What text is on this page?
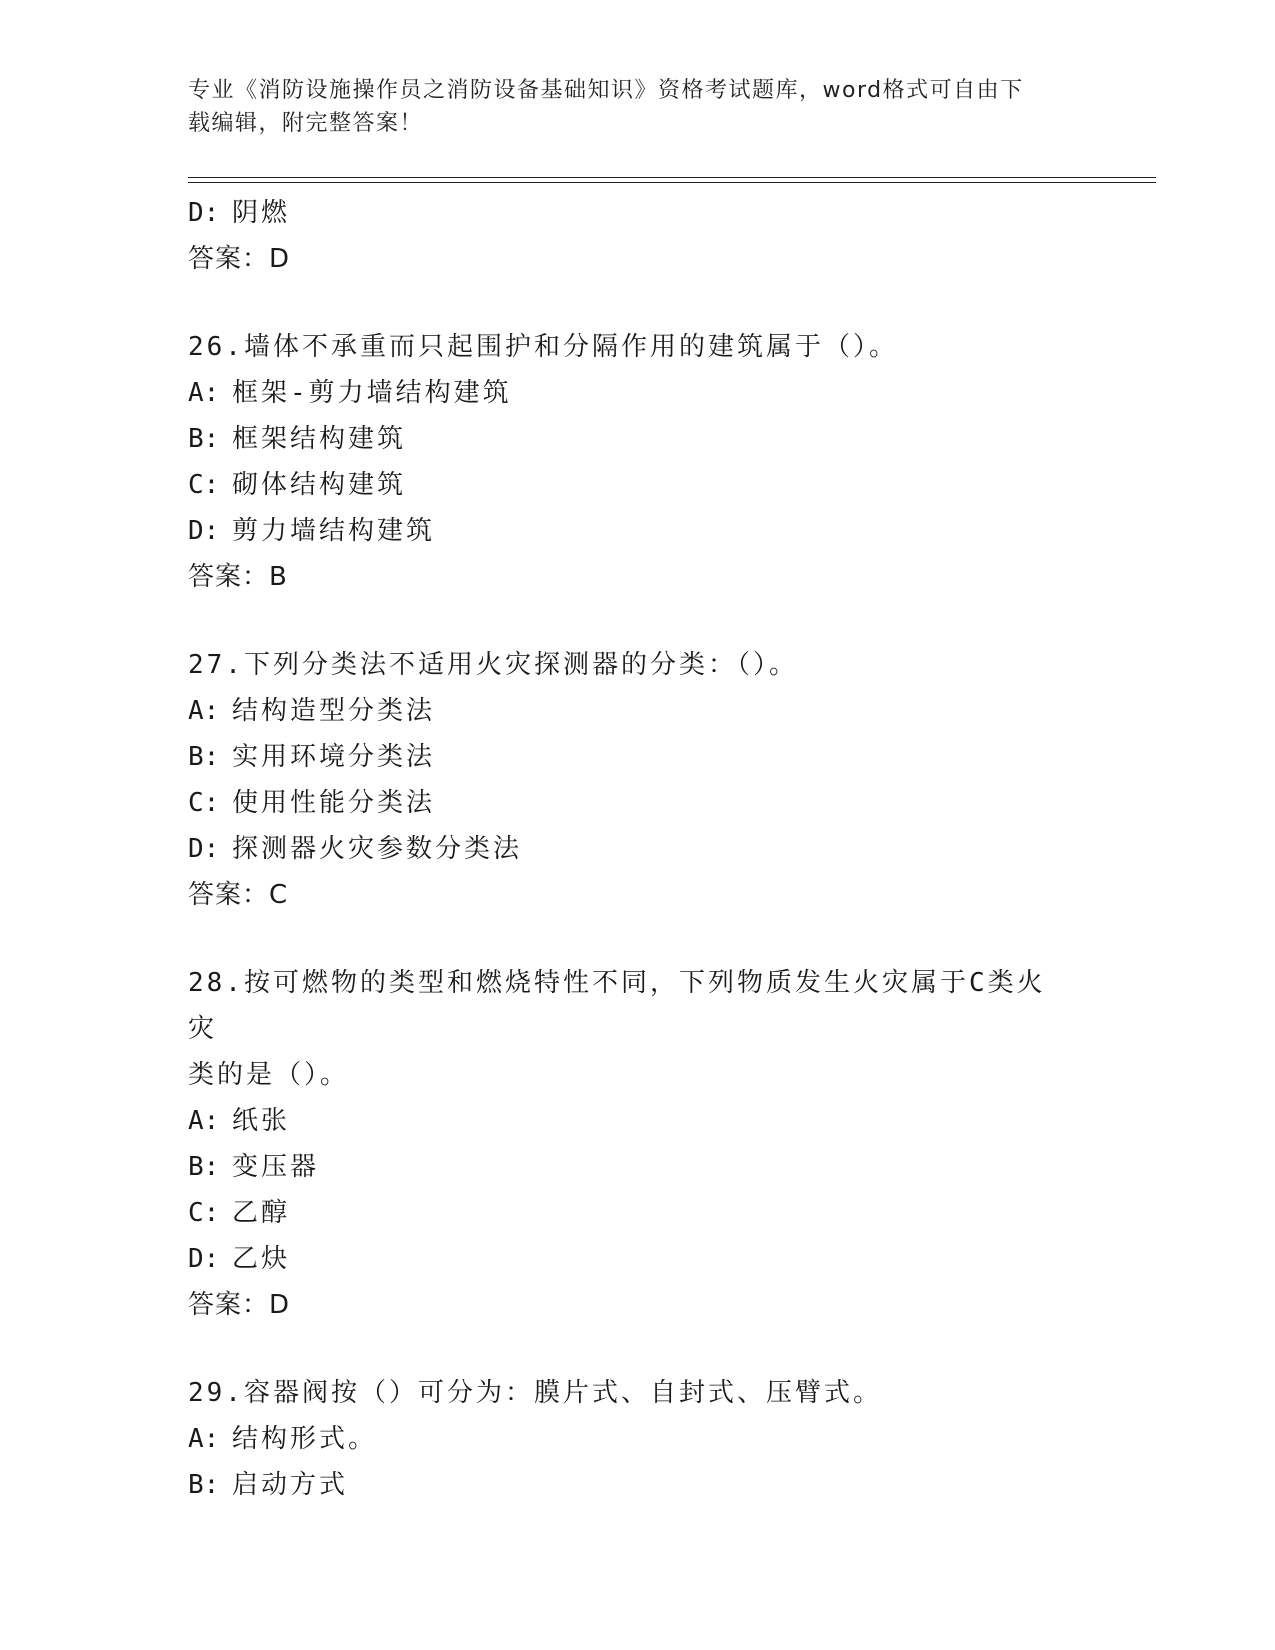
专业《消防设施操作员之消防设备基础知识》资格考试题库，word格式可自由下
载编辑，附完整答案！
D: 阴燃
答案：D
26.墙体不承重而只起围护和分隔作用的建筑属于（）。
A: 框架-剪力墙结构建筑
B: 框架结构建筑
C: 砌体结构建筑
D: 剪力墙结构建筑
答案：B
27.下列分类法不适用火灾探测器的分类：（）。
A: 结构造型分类法
B: 实用环境分类法
C: 使用性能分类法
D: 探测器火灾参数分类法
答案：C
28.按可燃物的类型和燃烧特性不同，下列物质发生火灾属于C类火灾
类的是（）。
A: 纸张
B: 变压器
C: 乙醇
D: 乙炔
答案：D
29.容器阀按（）可分为：膜片式、自封式、压臂式。
A: 结构形式。
B: 启动方式
